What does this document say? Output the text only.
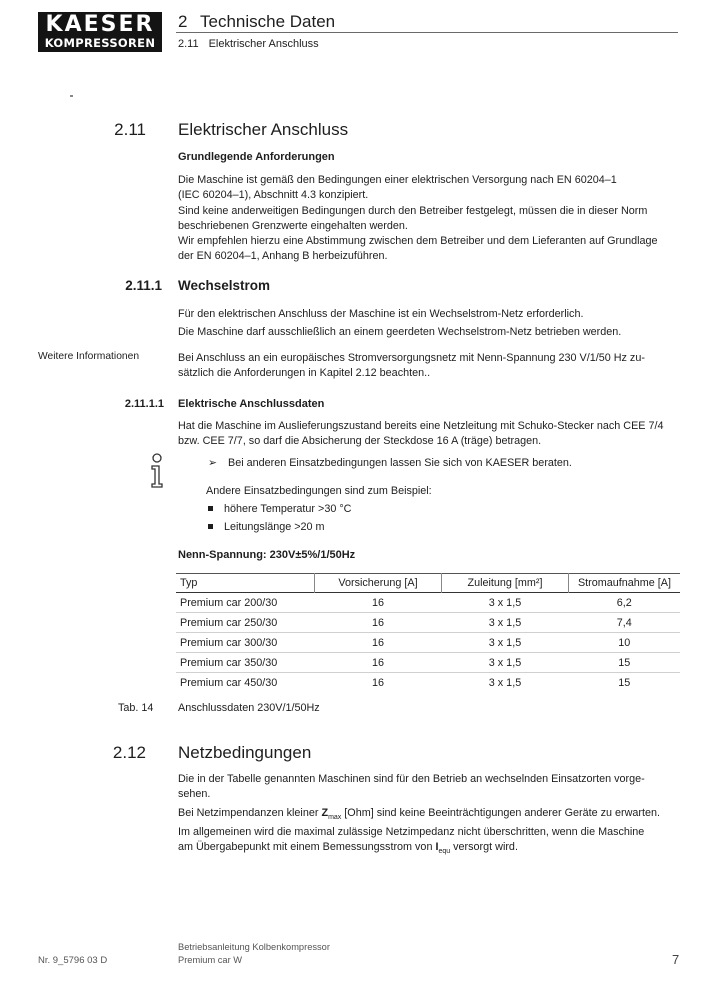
KAESER
KOMPRESSOREN
2 Technische Daten
2.11 Elektrischer Anschluss
2.11 Elektrischer Anschluss
Grundlegende Anforderungen

Die Maschine ist gemäß den Bedingungen einer elektrischen Versorgung nach EN 60204–1

(IEC 60204–1), Abschnitt 4.3 konzipiert.

Sind keine anderweitigen Bedingungen durch den Betreiber festgelegt, müssen die in dieser Norm

beschriebenen Grenzwerte eingehalten werden.

Wir empfehlen hierzu eine Abstimmung zwischen dem Betreiber und dem Lieferanten auf Grundlage

der EN 60204–1, Anhang B herbeizuführen.

2.11.1 Wechselstrom
Für den elektrischen Anschluss der Maschine ist ein Wechselstrom-Netz erforderlich.
Die Maschine darf ausschließlich an einem geerdeten Wechselstrom-Netz betrieben werden.
Weitere Informationen	Bei Anschluss an ein europäisches Stromversorgungsnetz mit Nenn-Spannung 230 V/1/50 Hz zu-

sätzlich die Anforderungen in Kapitel 2.12 beachten..

2.11.1.1 Elektrische Anschlussdaten

Hat die Maschine im Auslieferungszustand bereits eine Netzleitung mit Schuko-Stecker nach CEE 7/4

bzw. CEE 7/7, so darf die Absicherung der Steckdose 16 A (träge) betragen.

➢ Bei anderen Einsatzbedingungen lassen Sie sich von KAESER beraten.
Andere Einsatzbedingungen sind zum Beispiel:
höhere Temperatur >30 °C
Leitungslänge >20 m
Nenn-Spannung: 230V±5%/1/50Hz
Typ	Vorsicherung [A]	Zuleitung [mm²]	Stromaufnahme [A]
Premium car 200/30	16	3 x 1,5	6,2
Premium car 250/30	16	3 x 1,5	7,4
Premium car 300/30	16	3 x 1,5	10
Premium car 350/30	16	3 x 1,5	15
Premium car 450/30	16	3 x 1,5	15
Tab. 14 Anschlussdaten 230V/1/50Hz
2.12 Netzbedingungen

Die in der Tabelle genannten Maschinen sind für den Betrieb an wechselnden Einsatzorten vorge-

sehen.

Bei Netzimpendanzen kleiner $Z_{max}$ [Ohm] sind keine Beeinträchtigungen anderer Geräte zu erwarten.

Im allgemeinen wird die maximal zulässige Netzimpedanz nicht überschritten, wenn die Maschine

am Übergabepunkt mit einem Bemessungsstrom von $I_{equ}$ versorgt wird.

Nr. 9_5796 03 D
Betriebsanleitung Kolbenkompressor
Premium car W	7
